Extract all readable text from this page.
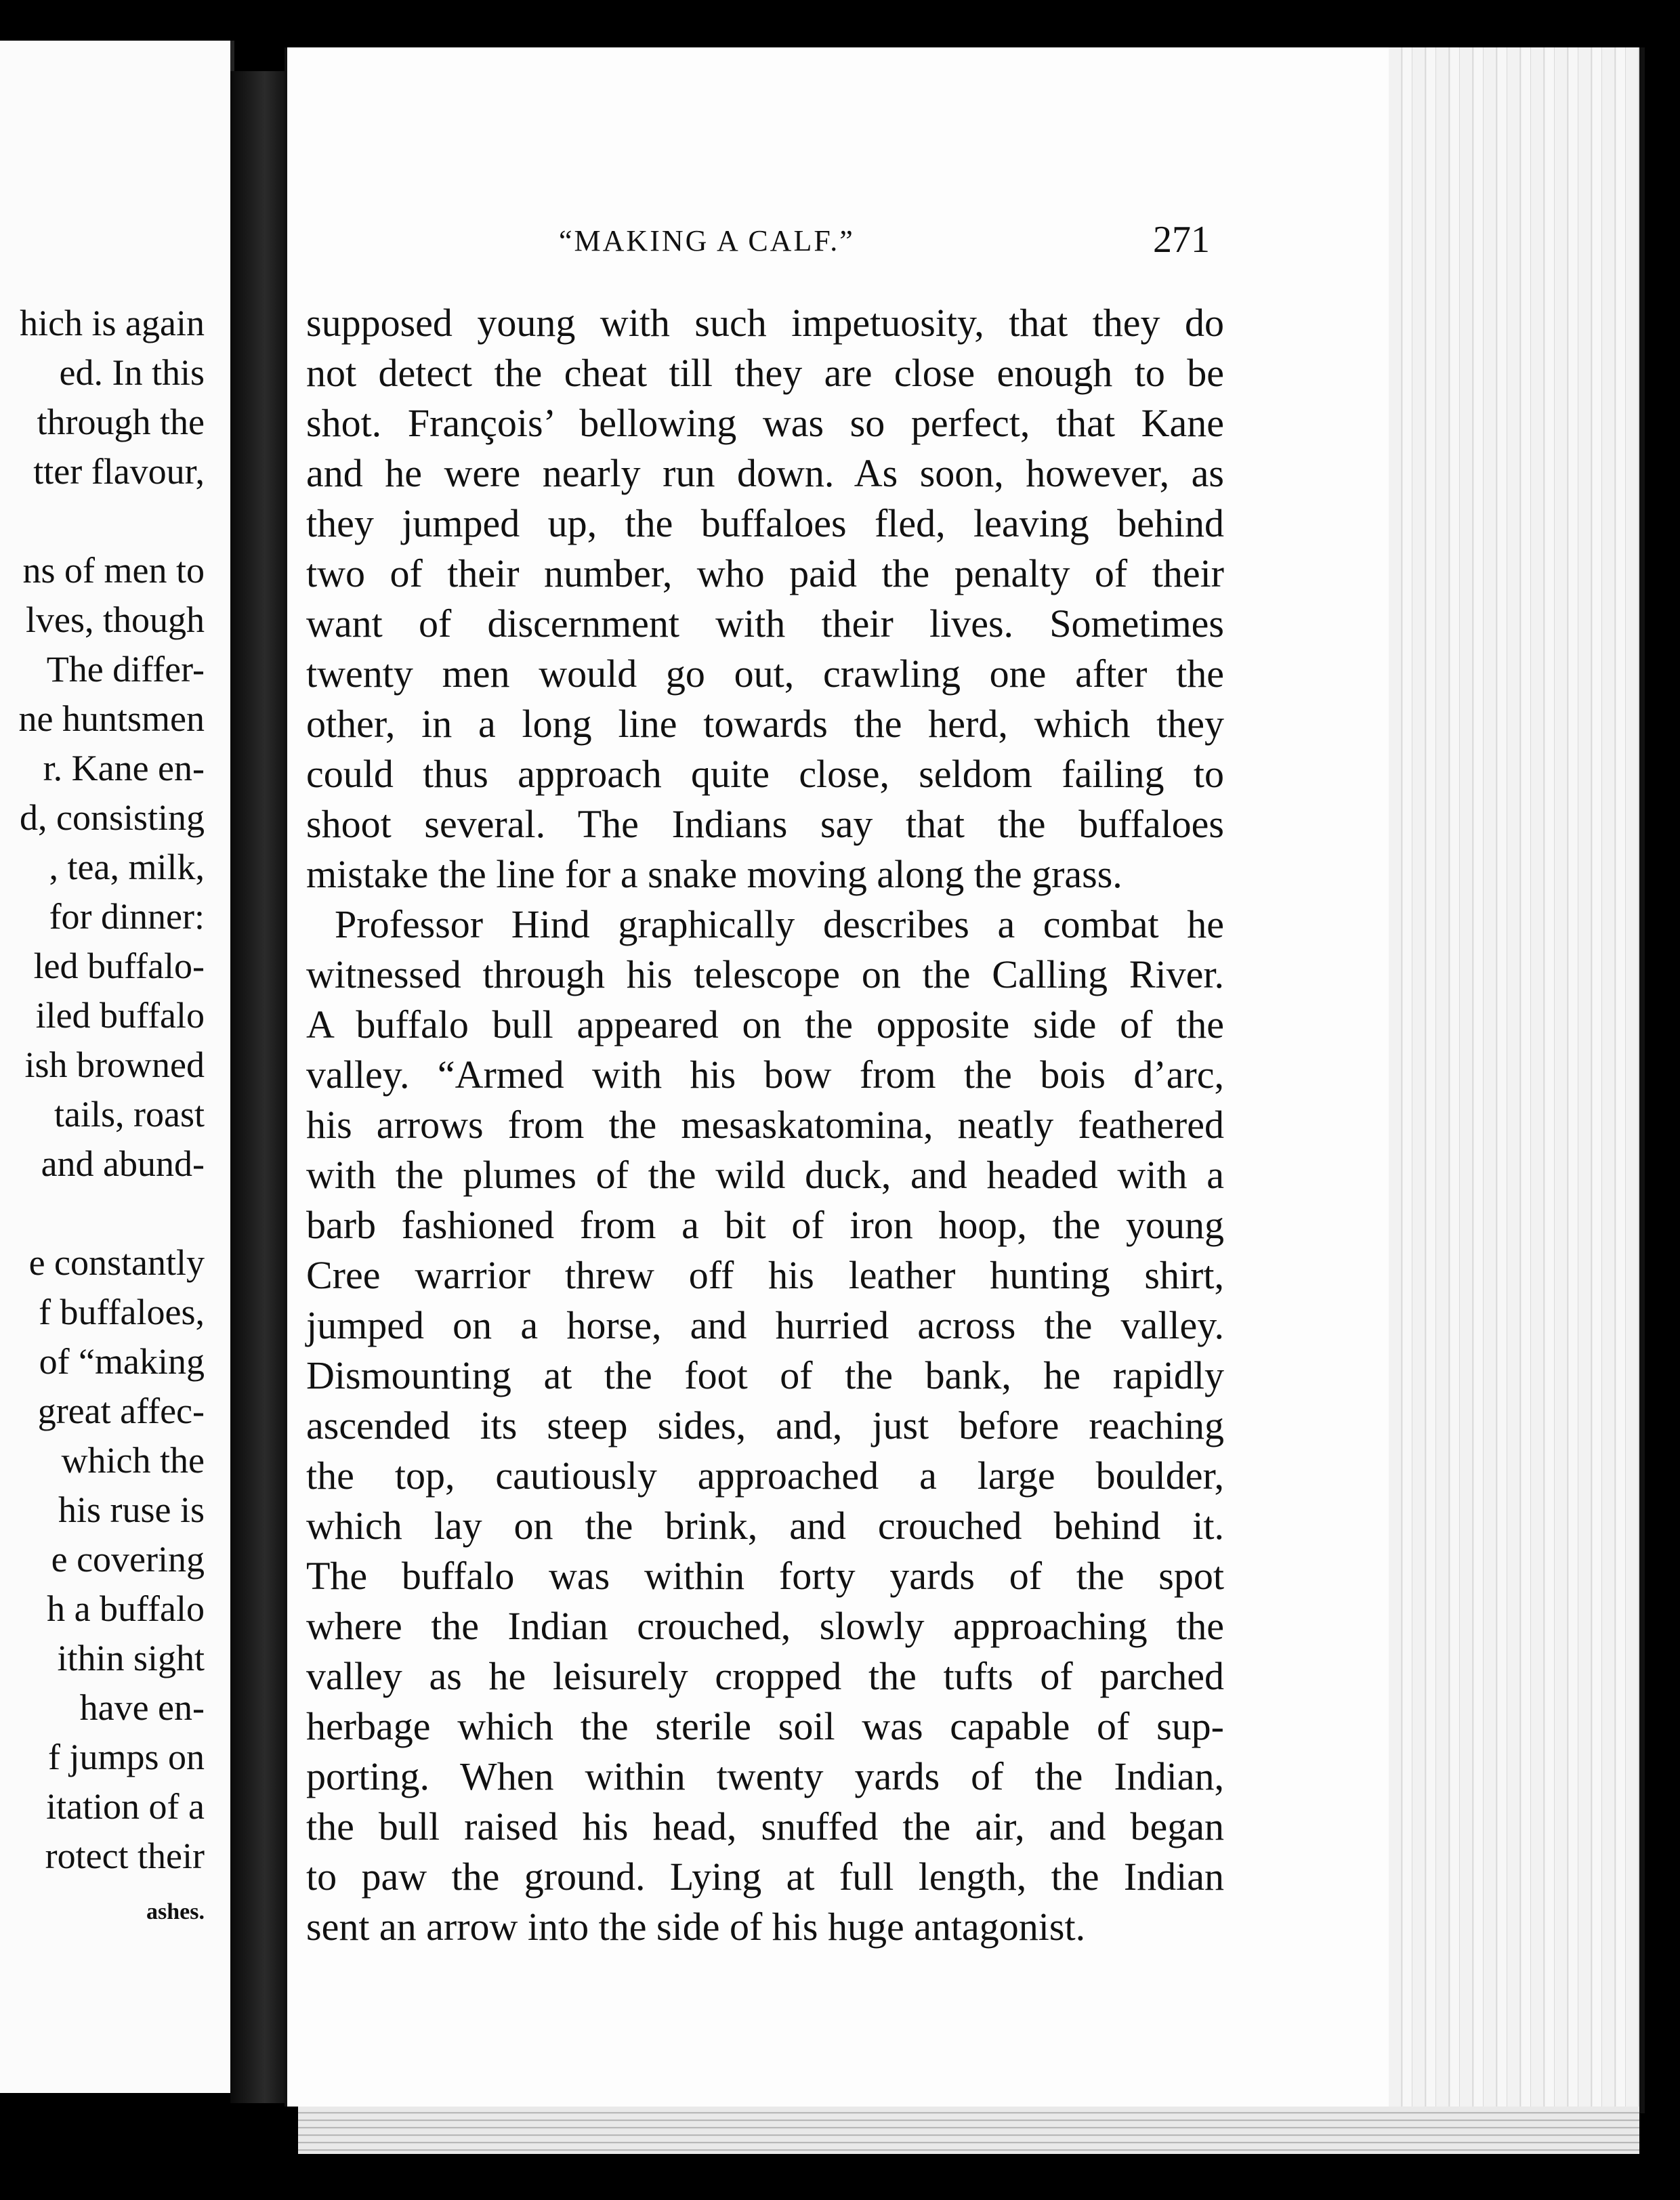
hich is again
ed. In this
through the
tter flavour,
ns of men to
lves, though
The differ-
ne huntsmen
r. Kane en-
d, consisting
, tea, milk,
for dinner:
led buffalo-
iled buffalo
ish browned
tails, roast
and abund-
e constantly
f buffaloes,
of “making
great affec-
which the
his ruse is
e covering
h a buffalo
ithin sight
have en-
f jumps on
itation of a
rotect their
ashes.
“MAKING A CALF.”	271
supposed young with such impetuosity, that they do
not detect the cheat till they are close enough to be
shot. François’ bellowing was so perfect, that Kane
and he were nearly run down. As soon, however, as
they jumped up, the buffaloes fled, leaving behind
two of their number, who paid the penalty of their
want of discernment with their lives. Sometimes
twenty men would go out, crawling one after the
other, in a long line towards the herd, which they
could thus approach quite close, seldom failing to
shoot several. The Indians say that the buffaloes
mistake the line for a snake moving along the grass.
Professor Hind graphically describes a combat he
witnessed through his telescope on the Calling River.
A buffalo bull appeared on the opposite side of the
valley. “Armed with his bow from the bois d’arc,
his arrows from the mesaskatomina, neatly feathered
with the plumes of the wild duck, and headed with a
barb fashioned from a bit of iron hoop, the young
Cree warrior threw off his leather hunting shirt,
jumped on a horse, and hurried across the valley.
Dismounting at the foot of the bank, he rapidly
ascended its steep sides, and, just before reaching
the top, cautiously approached a large boulder,
which lay on the brink, and crouched behind it.
The buffalo was within forty yards of the spot
where the Indian crouched, slowly approaching the
valley as he leisurely cropped the tufts of parched
herbage which the sterile soil was capable of sup-
porting. When within twenty yards of the Indian,
the bull raised his head, snuffed the air, and began
to paw the ground. Lying at full length, the Indian
sent an arrow into the side of his huge antagonist.
